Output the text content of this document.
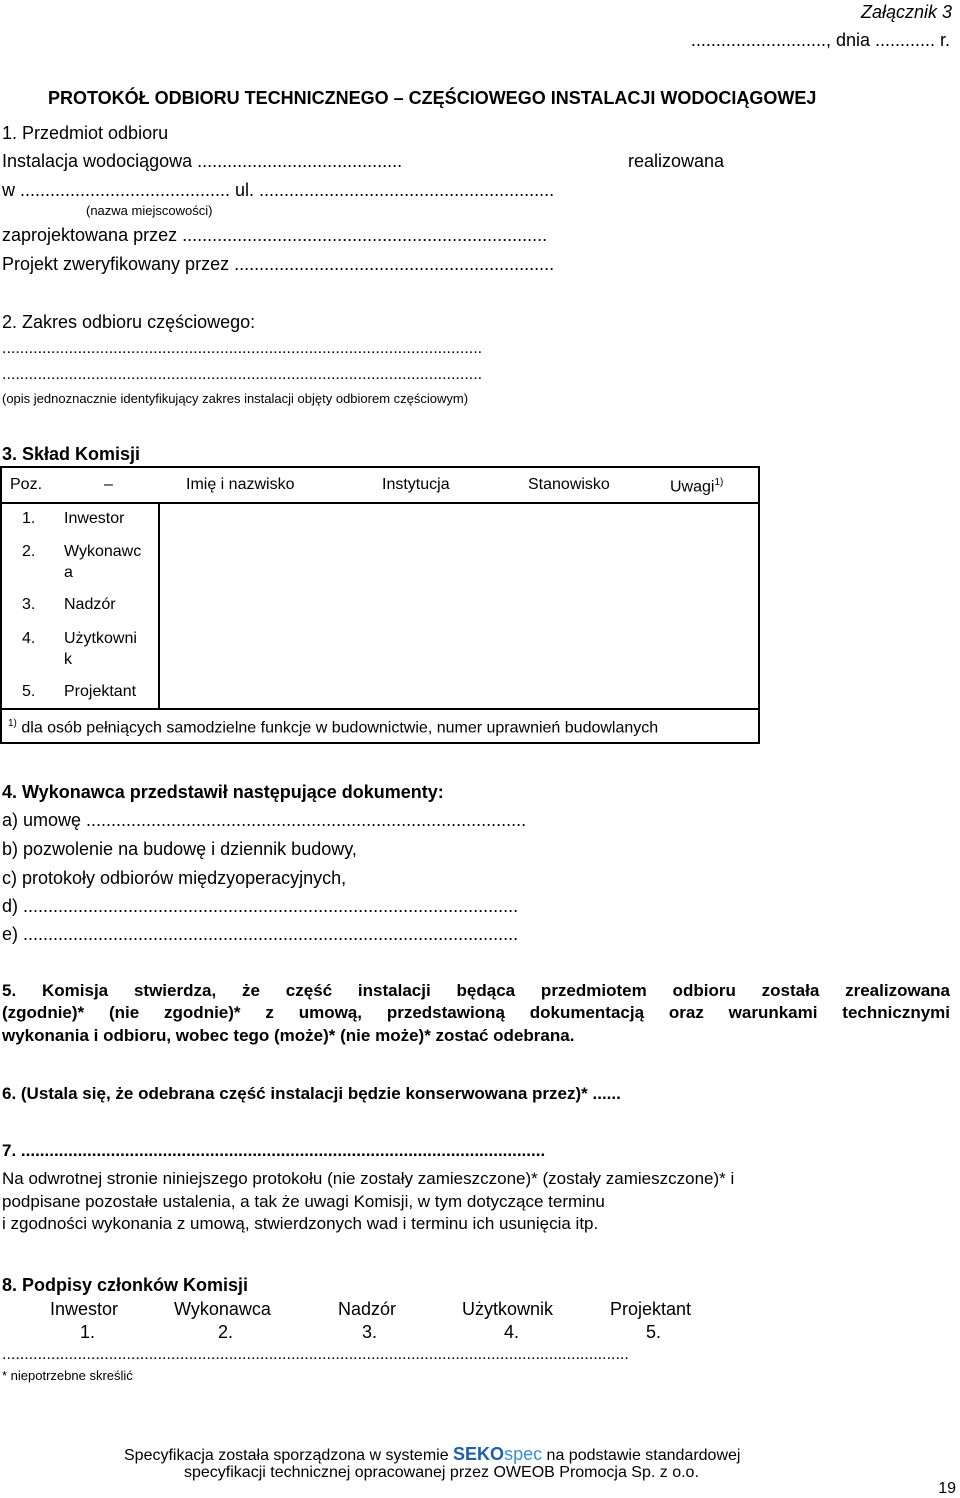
Załącznik 3
..........................., dnia ............ r.
PROTOKÓŁ ODBIORU TECHNICZNEGO – CZĘŚCIOWEGO INSTALACJI WODOCIĄGOWEJ
1. Przedmiot odbioru
Instalacja wodociągowa .........................................	realizowana
w .......................................... ul. ...........................................................
(nazwa miejscowości)
zaprojektowana przez .........................................................................
Projekt zweryfikowany przez ................................................................
2. Zakres odbioru częściowego:
............................................................................................................
............................................................................................................
(opis jednoznacznie identyfikujący zakres instalacji objęty odbiorem częściowym)
3. Skład Komisji
Poz.	–	Imię i nazwisko	Instytucja	Stanowisko	Uwagi$^{1)}$
1. Inwestor
2. Wykonawc
a
3. Nadzór
4. Użytkowni
k
5. Projektant
$^{1)}$ dla osób pełniących samodzielne funkcje w budownictwie, numer uprawnień budowlanych
4. Wykonawca przedstawił następujące dokumenty:
a) umowę ........................................................................................
b) pozwolenie na budowę i dziennik budowy,
c) protokoły odbiorów międzyoperacyjnych,
d) ...................................................................................................
e) ...................................................................................................
5. Komisja stwierdza, że część instalacji będąca przedmiotem odbioru została zrealizowana
(zgodnie)* (nie zgodnie)* z umową, przedstawioną dokumentacją oraz warunkami technicznymi
wykonania i odbioru, wobec tego (może)* (nie może)* zostać odebrana.
6. (Ustala się, że odebrana część instalacji będzie konserwowana przez)* ......
7. ...............................................................................................................
Na odwrotnej stronie niniejszego protokołu (nie zostały zamieszczone)* (zostały zamieszczone)* i
podpisane pozostałe ustalenia, a tak że uwagi Komisji, w tym dotyczące terminu
i zgodności wykonania z umową, stwierdzonych wad i terminu ich usunięcia itp.
8. Podpisy członków Komisji
Inwestor	Wykonawca	Nadzór	Użytkownik	Projektant
1.	2.	3.	4.	5.
.............................................................................................................................................
* niepotrzebne skreślić
Specyfikacja została sporządzona w systemie SEKOspec na podstawie standardowej
specyfikacji technicznej opracowanej przez OWEOB Promocja Sp. z o.o.
19
